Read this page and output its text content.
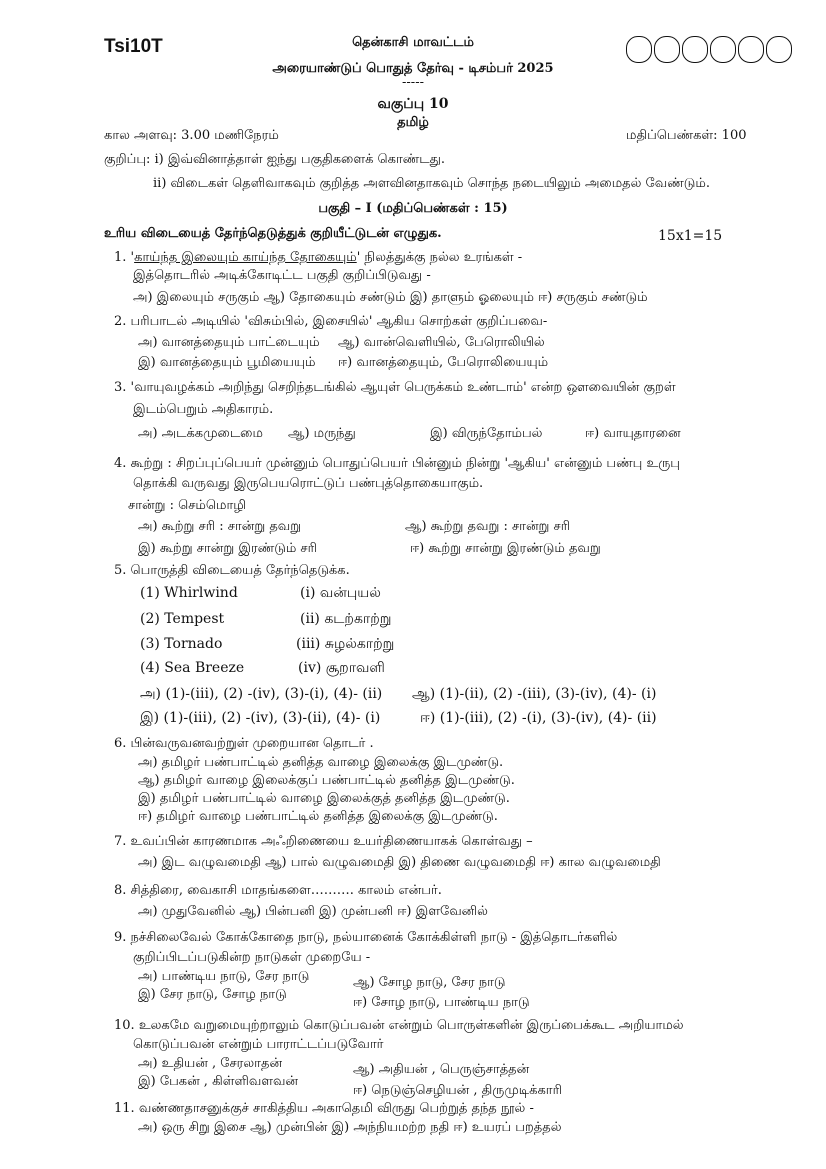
Tsi10T	தென்காசி மாவட்டம்
அரையாண்டுப் பொதுத் தேர்வு - டிசம்பர் 2025
-----
வகுப்பு 10
தமிழ்
கால அளவு: 3.00 மணிநேரம்	மதிப்பெண்கள்: 100
குறிப்பு: i) இவ்வினாத்தாள் ஐந்து பகுதிகளைக் கொண்டது.
ii) விடைகள் தெளிவாகவும் குறித்த அளவினதாகவும் சொந்த நடையிலும் அமைதல் வேண்டும்.
பகுதி – I (மதிப்பெண்கள் : 15)
உரிய விடையைத் தேர்ந்தெடுத்துக் குறியீட்டுடன் எழுதுக.	15x1=15
1. 'காய்ந்த இலையும் காய்ந்த தோகையும்' நிலத்துக்கு நல்ல உரங்கள் -
இத்தொடரில் அடிக்கோடிட்ட பகுதி குறிப்பிடுவது -
அ) இலையும் சருகும் ஆ) தோகையும் சண்டும் இ) தாளும் ஓலையும் ஈ) சருகும் சண்டும்
2. பரிபாடல் அடியில் 'விசும்பில், இசையில்' ஆகிய சொற்கள் குறிப்பவை-
அ) வானத்தையும் பாட்டையும் ஆ) வான்வெளியில், பேரொலியில்
இ) வானத்தையும் பூமியையும் ஈ) வானத்தையும், பேரொலியையும்
3. 'வாயுவழக்கம் அறிந்து செறிந்தடங்கில் ஆயுள் பெருக்கம் உண்டாம்' என்ற ஔவையின் குறள்
இடம்பெறும் அதிகாரம்.
அ) அடக்கமுடைமை ஆ) மருந்து	இ) விருந்தோம்பல்	ஈ) வாயுதாரனை
4. கூற்று : சிறப்புப்பெயர் முன்னும் பொதுப்பெயர் பின்னும் நின்று 'ஆகிய' என்னும் பண்பு உருபு
தொக்கி வருவது இருபெயரொட்டுப் பண்புத்தொகையாகும்.
சான்று : செம்மொழி
அ) கூற்று சரி : சான்று தவறு	ஆ) கூற்று தவறு : சான்று சரி
இ) கூற்று சான்று இரண்டும் சரி	ஈ) கூற்று சான்று இரண்டும் தவறு
5. பொருத்தி விடையைத் தேர்ந்தெடுக்க.
(1) Whirlwind	(i) வன்புயல்
(2) Tempest	(ii) கடற்காற்று
(3) Tornado	(iii) சுழல்காற்று
(4) Sea Breeze	(iv) சூறாவளி
அ) (1)-(iii), (2) -(iv), (3)-(i), (4)- (ii) ஆ) (1)-(ii), (2) -(iii), (3)-(iv), (4)- (i)
இ) (1)-(iii), (2) -(iv), (3)-(ii), (4)- (i)	ஈ) (1)-(iii), (2) -(i), (3)-(iv), (4)- (ii)
6. பின்வருவனவற்றுள் முறையான தொடர் .
அ) தமிழர் பண்பாட்டில் தனித்த வாழை இலைக்கு இடமுண்டு.
ஆ) தமிழர் வாழை இலைக்குப் பண்பாட்டில் தனித்த இடமுண்டு.
இ) தமிழர் பண்பாட்டில் வாழை இலைக்குத் தனித்த இடமுண்டு.
ஈ) தமிழர் வாழை பண்பாட்டில் தனித்த இலைக்கு இடமுண்டு.
7. உவப்பின் காரணமாக அஃறிணையை உயர்திணையாகக் கொள்வது –
அ) இட வழுவமைதி ஆ) பால் வழுவமைதி இ) திணை வழுவமைதி ஈ) கால வழுவமைதி
8. சித்திரை, வைகாசி மாதங்களை………. காலம் என்பர்.
அ) முதுவேனில் ஆ) பின்பனி இ) முன்பனி ஈ) இளவேனில்
9. நச்சிலைவேல் கோக்கோதை நாடு, நல்யானைக் கோக்கிள்ளி நாடு - இத்தொடர்களில்
குறிப்பிடப்படுகின்ற நாடுகள் முறையே -
அ) பாண்டிய நாடு, சேர நாடு	ஆ) சோழ நாடு, சேர நாடு
இ) சேர நாடு, சோழ நாடு
ஈ) சோழ நாடு, பாண்டிய நாடு
10. உலகமே வறுமையுற்றாலும் கொடுப்பவன் என்றும் பொருள்களின் இருப்பைக்கூட அறியாமல்
கொடுப்பவன் என்றும் பாராட்டப்படுவோர்
அ) உதியன் , சேரலாதன்	ஆ) அதியன் , பெருஞ்சாத்தன்
இ) பேகன் , கிள்ளிவளவன்
ஈ) நெடுஞ்செழியன் , திருமுடிக்காரி
11. வண்ணதாசனுக்குச் சாகித்திய அகாதெமி விருது பெற்றுத் தந்த நூல் -
அ) ஒரு சிறு இசை ஆ) முன்பின் இ) அந்நியமற்ற நதி ஈ) உயரப் பறத்தல்
